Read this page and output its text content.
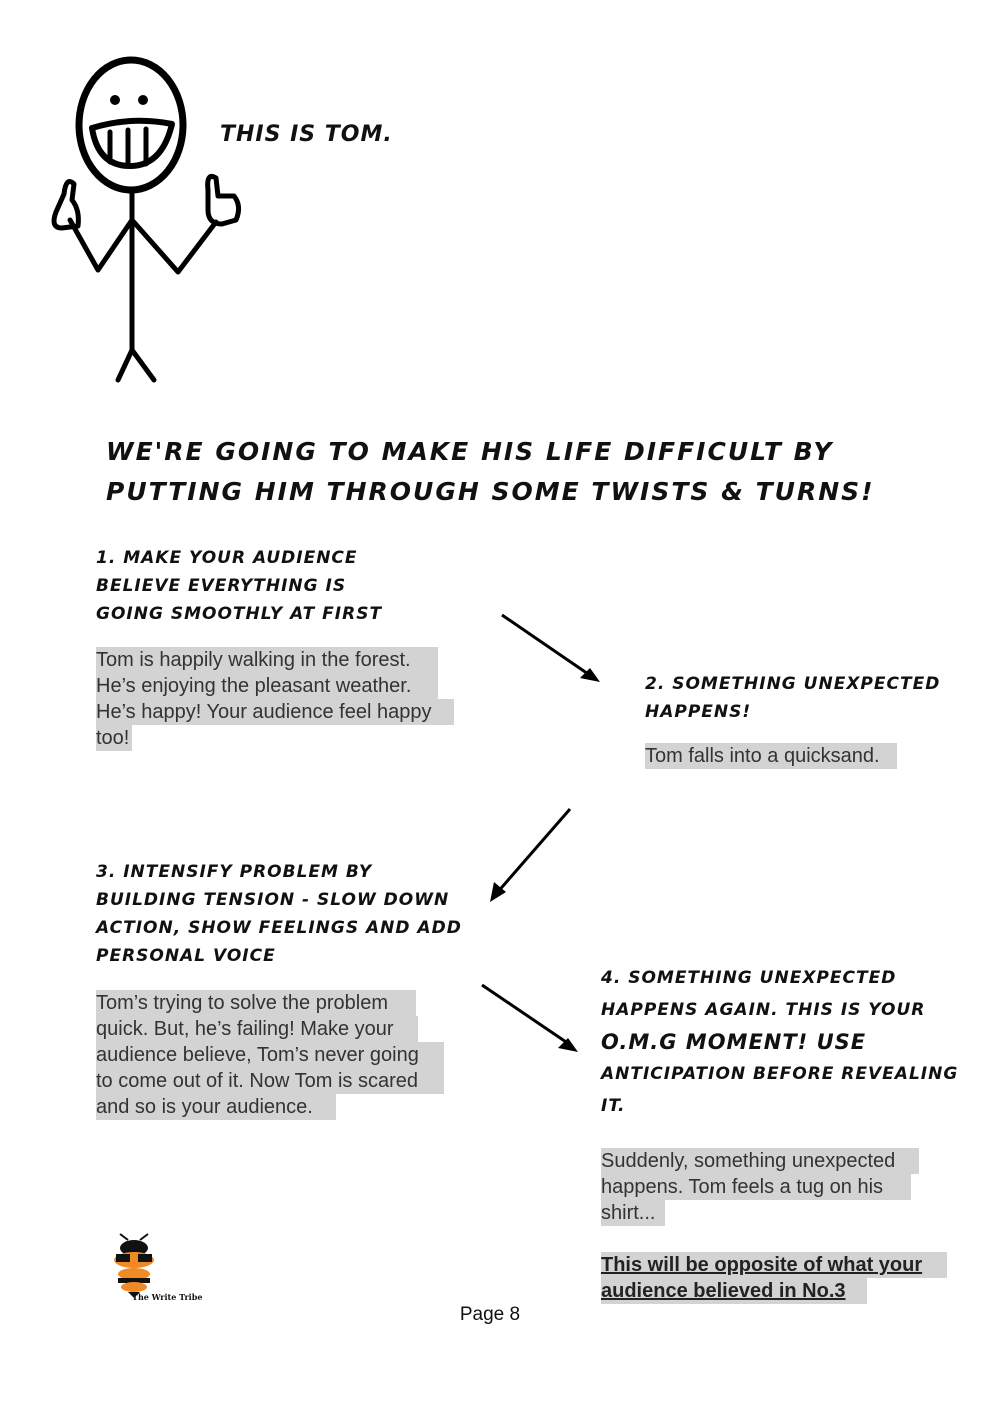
THIS IS TOM.
WE'RE GOING TO MAKE HIS LIFE DIFFICULT BY
PUTTING HIM THROUGH SOME TWISTS & TURNS!
1. MAKE YOUR AUDIENCE
BELIEVE EVERYTHING IS
GOING SMOOTHLY AT FIRST
Tom is happily walking in the forest.
He’s enjoying the pleasant weather.
He’s happy! Your audience feel happy
too!
2. SOMETHING UNEXPECTED
HAPPENS!
Tom falls into a quicksand.
3. INTENSIFY PROBLEM BY
BUILDING TENSION - SLOW DOWN
ACTION, SHOW FEELINGS AND ADD
PERSONAL VOICE
Tom’s trying to solve the problem
quick. But, he’s failing! Make your
audience believe, Tom’s never going
to come out of it. Now Tom is scared
and so is your audience.
4. SOMETHING UNEXPECTED
HAPPENS AGAIN. THIS IS YOUR
O.M.G MOMENT! USE
ANTICIPATION BEFORE REVEALING
IT.
Suddenly, something unexpected
happens. Tom feels a tug on his
shirt...
This will be opposite of what your
audience believed in No.3
The Write Tribe
Page 8
